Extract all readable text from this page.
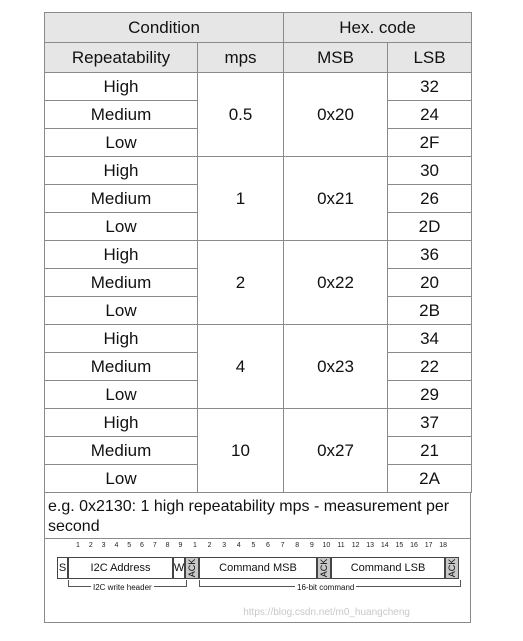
Condition		Hex. code	
Repeatability	mps	MSB	LSB
High	0.5	0x20	32
Medium			24
Low			2F
High	1	0x21	30
Medium			26
Low			2D
High	2	0x22	36
Medium			20
Low			2B
High	4	0x23	34
Medium			22
Low			29
High	10	0x27	37
Medium			21
Low			2A
e.g. 0x2130: 1 high repeatability mps - measurement per second
1	2	3	4	5	6	7	8	9	1	2	3	4	5	6	7	8	9	10 11 12 13 14 15 16 17 18
S I2C Address W ACK Command MSB ACK Command LSB ACK
I2C write header	16-bit command
https://blog.csdn.net/m0_huangcheng
